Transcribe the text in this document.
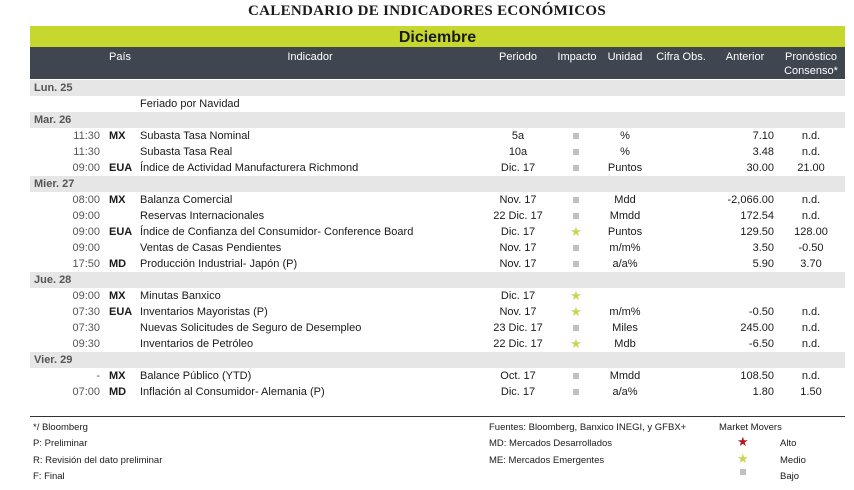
CALENDARIO DE INDICADORES ECONÓMICOS
Diciembre
País	Indicador	Periodo	Impacto	Unidad	Cifra Obs.	Anterior	Pronóstico
Consenso*
Lun. 25
Feriado por Navidad
Mar. 26
11:30 MX Subasta Tasa Nominal	5a	%	7.10	n.d.
11:30	Subasta Tasa Real	10a	%	3.48	n.d.
09:00 EUA Índice de Actividad Manufacturera Richmond	Dic. 17	Puntos	30.00	21.00
Mier. 27
08:00 MX Balanza Comercial	Nov. 17	Mdd	-2,066.00	n.d.
09:00	Reservas Internacionales	22 Dic. 17	Mmdd	172.54	n.d.
09:00 EUA Índice de Confianza del Consumidor- Conference Board	Dic. 17	★	Puntos	129.50	128.00
09:00	Ventas de Casas Pendientes	Nov. 17	m/m%	3.50	-0.50
17:50 MD Producción Industrial- Japón (P)	Nov. 17	a/a%	5.90	3.70
Jue. 28
09:00 MX Minutas Banxico	Dic. 17	★
07:30 EUA Inventarios Mayoristas (P)	Nov. 17	★	m/m%	-0.50	n.d.
07:30	Nuevas Solicitudes de Seguro de Desempleo	23 Dic. 17	Miles	245.00	n.d.
09:30	Inventarios de Petróleo	22 Dic. 17	★	Mdb	-6.50	n.d.
Vier. 29
- MX Balance Público (YTD)	Oct. 17	Mmdd	108.50	n.d.
07:00 MD Inflación al Consumidor- Alemania (P)	Dic. 17	a/a%	1.80	1.50
*/ Bloomberg
P: Preliminar
R: Revisión del dato preliminar
F: Final
Fuentes: Bloomberg, Banxico INEGI, y GFBX+
MD: Mercados Desarrollados
ME: Mercados Emergentes
Market Movers
★	Alto
★	Medio
Bajo
